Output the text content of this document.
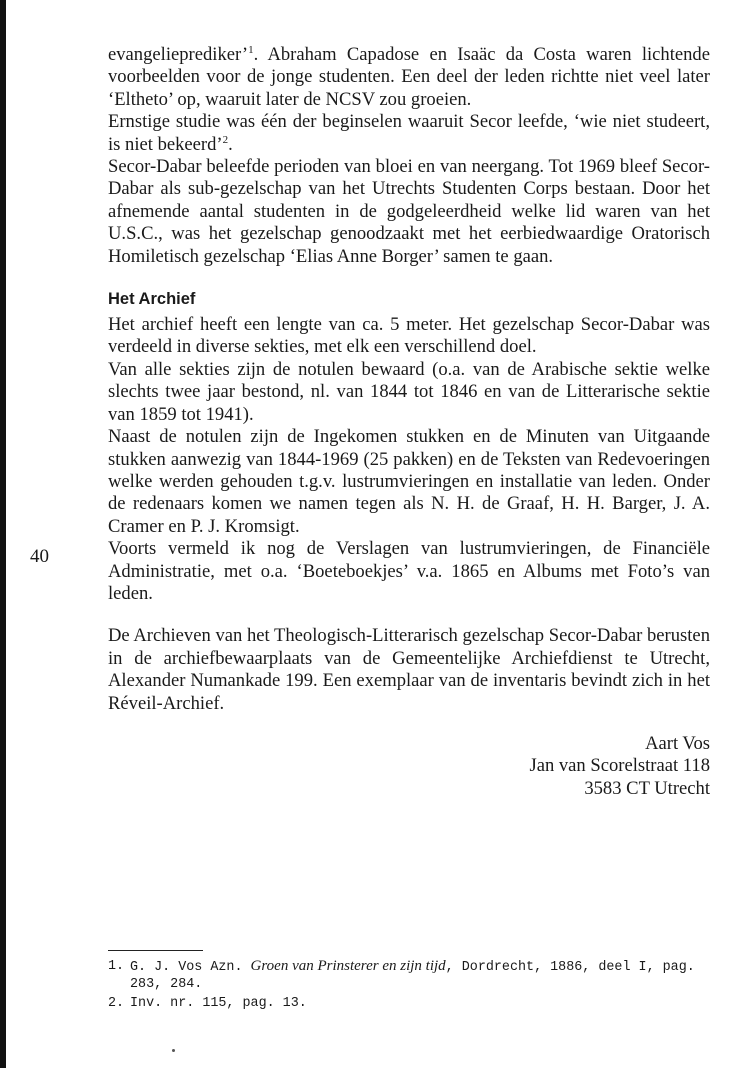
40

evangelieprediker’$^1$. Abraham Capadose en Isaäc da Costa waren lichtende voorbeelden voor de jonge studenten. Een deel der leden richtte niet veel later ‘Eltheto’ op, waaruit later de NCSV zou groeien.

Ernstige studie was één der beginselen waaruit Secor leefde, ‘wie niet studeert, is niet bekeerd’$^2$.

Secor-Dabar beleefde perioden van bloei en van neergang. Tot 1969 bleef Secor-Dabar als sub-gezelschap van het Utrechts Studenten Corps bestaan. Door het afnemende aantal studenten in de godgeleerdheid welke lid waren van het U.S.C., was het gezelschap genoodzaakt met het eerbiedwaardige Oratorisch Homiletisch gezelschap ‘Elias Anne Borger’ samen te gaan.

Het Archief

Het archief heeft een lengte van ca. 5 meter. Het gezelschap Secor-Dabar was verdeeld in diverse sekties, met elk een verschillend doel.

Van alle sekties zijn de notulen bewaard (o.a. van de Arabische sektie welke slechts twee jaar bestond, nl. van 1844 tot 1846 en van de Litterarische sektie van 1859 tot 1941).

Naast de notulen zijn de Ingekomen stukken en de Minuten van Uitgaande stukken aanwezig van 1844-1969 (25 pakken) en de Teksten van Redevoeringen welke werden gehouden t.g.v. lustrumvieringen en installatie van leden. Onder de redenaars komen we namen tegen als N. H. de Graaf, H. H. Barger, J. A. Cramer en P. J. Kromsigt.

Voorts vermeld ik nog de Verslagen van lustrumvieringen, de Financiële Administratie, met o.a. ‘Boeteboekjes’ v.a. 1865 en Albums met Foto’s van leden.

De Archieven van het Theologisch-Litterarisch gezelschap Secor-Dabar berusten in de archiefbewaarplaats van de Gemeentelijke Archiefdienst te Utrecht, Alexander Numankade 199. Een exemplaar van de inventaris bevindt zich in het Réveil-Archief.

Aart Vos
Jan van Scorelstraat 118
3583 CT Utrecht
1. G. J. Vos Azn. Groen van Prinsterer en zijn tijd, Dordrecht, 1886, deel I, pag. 283, 284.
2. Inv. nr. 115, pag. 13.
